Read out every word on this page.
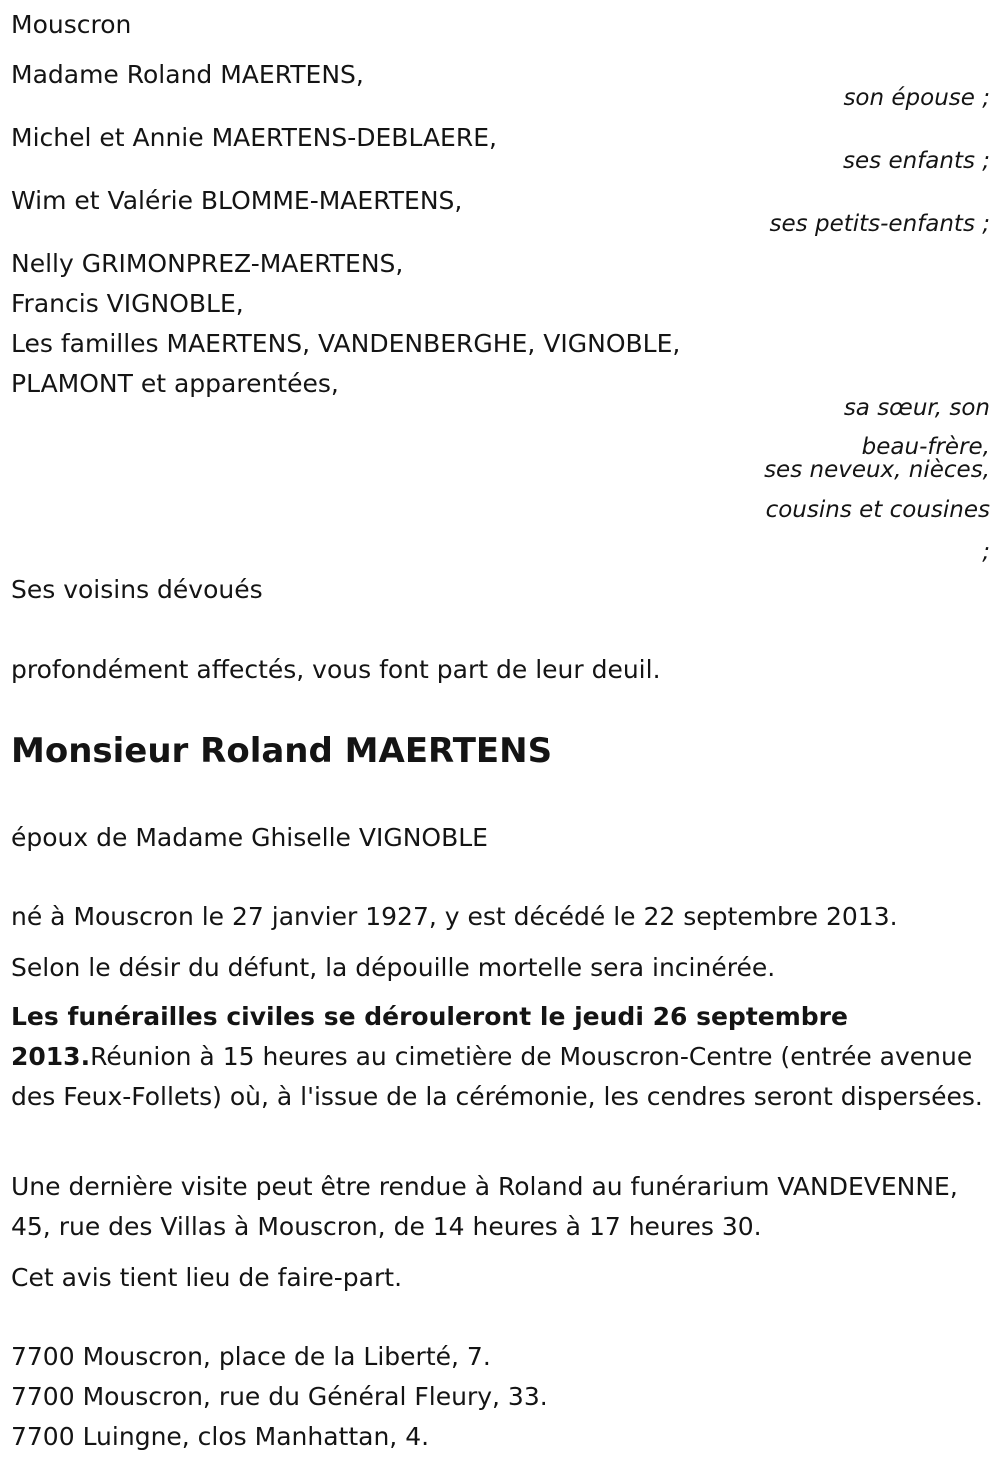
Mouscron
Madame Roland MAERTENS,
son épouse ;
Michel et Annie MAERTENS-DEBLAERE,
ses enfants ;
Wim et Valérie BLOMME-MAERTENS,
ses petits-enfants ;
Nelly GRIMONPREZ-MAERTENS,
Francis VIGNOBLE,
Les familles MAERTENS, VANDENBERGHE, VIGNOBLE,
PLAMONT et apparentées,
sa sœur, son
beau-frère,
ses neveux, nièces,
cousins et cousines
;
Ses voisins dévoués
profondément affectés, vous font part de leur deuil.
Monsieur Roland MAERTENS
époux de Madame Ghiselle VIGNOBLE
né à Mouscron le 27 janvier 1927, y est décédé le 22 septembre 2013.
Selon le désir du défunt, la dépouille mortelle sera incinérée.
Les funérailles civiles se dérouleront le jeudi 26 septembre 2013.Réunion à 15 heures au cimetière de Mouscron-Centre (entrée avenue des Feux-Follets) où, à l'issue de la cérémonie, les cendres seront dispersées.
Une dernière visite peut être rendue à Roland au funérarium VANDEVENNE, 45, rue des Villas à Mouscron, de 14 heures à 17 heures 30.
Cet avis tient lieu de faire-part.
7700 Mouscron, place de la Liberté, 7.
7700 Mouscron, rue du Général Fleury, 33.
7700 Luingne, clos Manhattan, 4.
